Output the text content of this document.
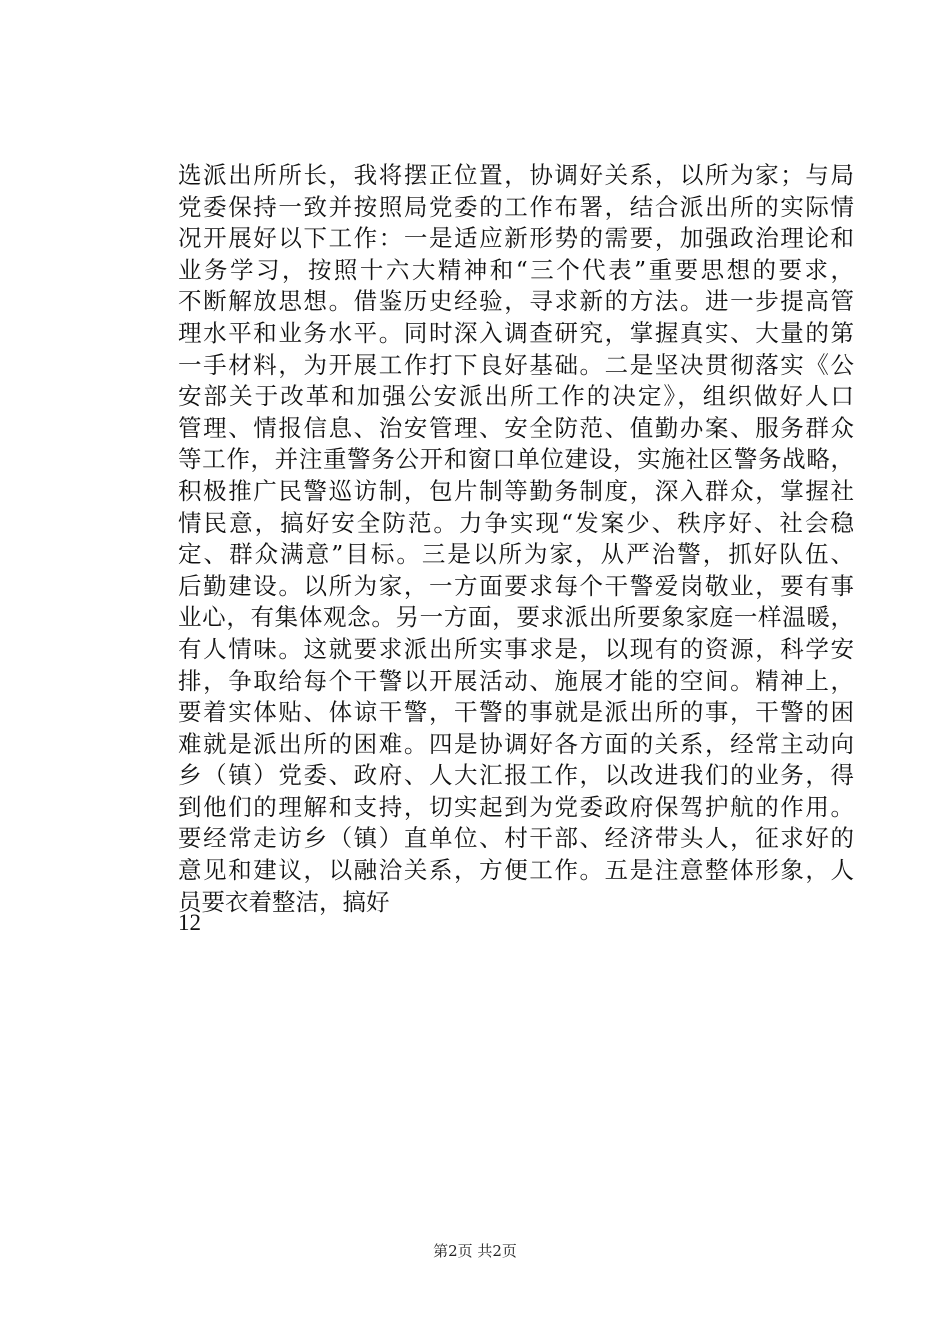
选派出所所长，我将摆正位置，协调好关系，以所为家；与局
党委保持一致并按照局党委的工作布署，结合派出所的实际情
况开展好以下工作：一是适应新形势的需要，加强政治理论和
业务学习，按照十六大精神和“三个代表”重要思想的要求，
不断解放思想。借鉴历史经验，寻求新的方法。进一步提高管
理水平和业务水平。同时深入调查研究，掌握真实、大量的第
一手材料，为开展工作打下良好基础。二是坚决贯彻落实《公
安部关于改革和加强公安派出所工作的决定》，组织做好人口
管理、情报信息、治安管理、安全防范、值勤办案、服务群众
等工作，并注重警务公开和窗口单位建设，实施社区警务战略，
积极推广民警巡访制，包片制等勤务制度，深入群众，掌握社
情民意，搞好安全防范。力争实现“发案少、秩序好、社会稳
定、群众满意”目标。三是以所为家，从严治警，抓好队伍、
后勤建设。以所为家，一方面要求每个干警爱岗敬业，要有事
业心，有集体观念。另一方面，要求派出所要象家庭一样温暖，
有人情味。这就要求派出所实事求是，以现有的资源，科学安
排，争取给每个干警以开展活动、施展才能的空间。精神上，
要着实体贴、体谅干警，干警的事就是派出所的事，干警的困
难就是派出所的困难。四是协调好各方面的关系，经常主动向
乡（镇）党委、政府、人大汇报工作，以改进我们的业务，得
到他们的理解和支持，切实起到为党委政府保驾护航的作用。
要经常走访乡（镇）直单位、村干部、经济带头人，征求好的
意见和建议，以融洽关系，方便工作。五是注意整体形象，人
员要衣着整洁，搞好

12

第2页 共2页
